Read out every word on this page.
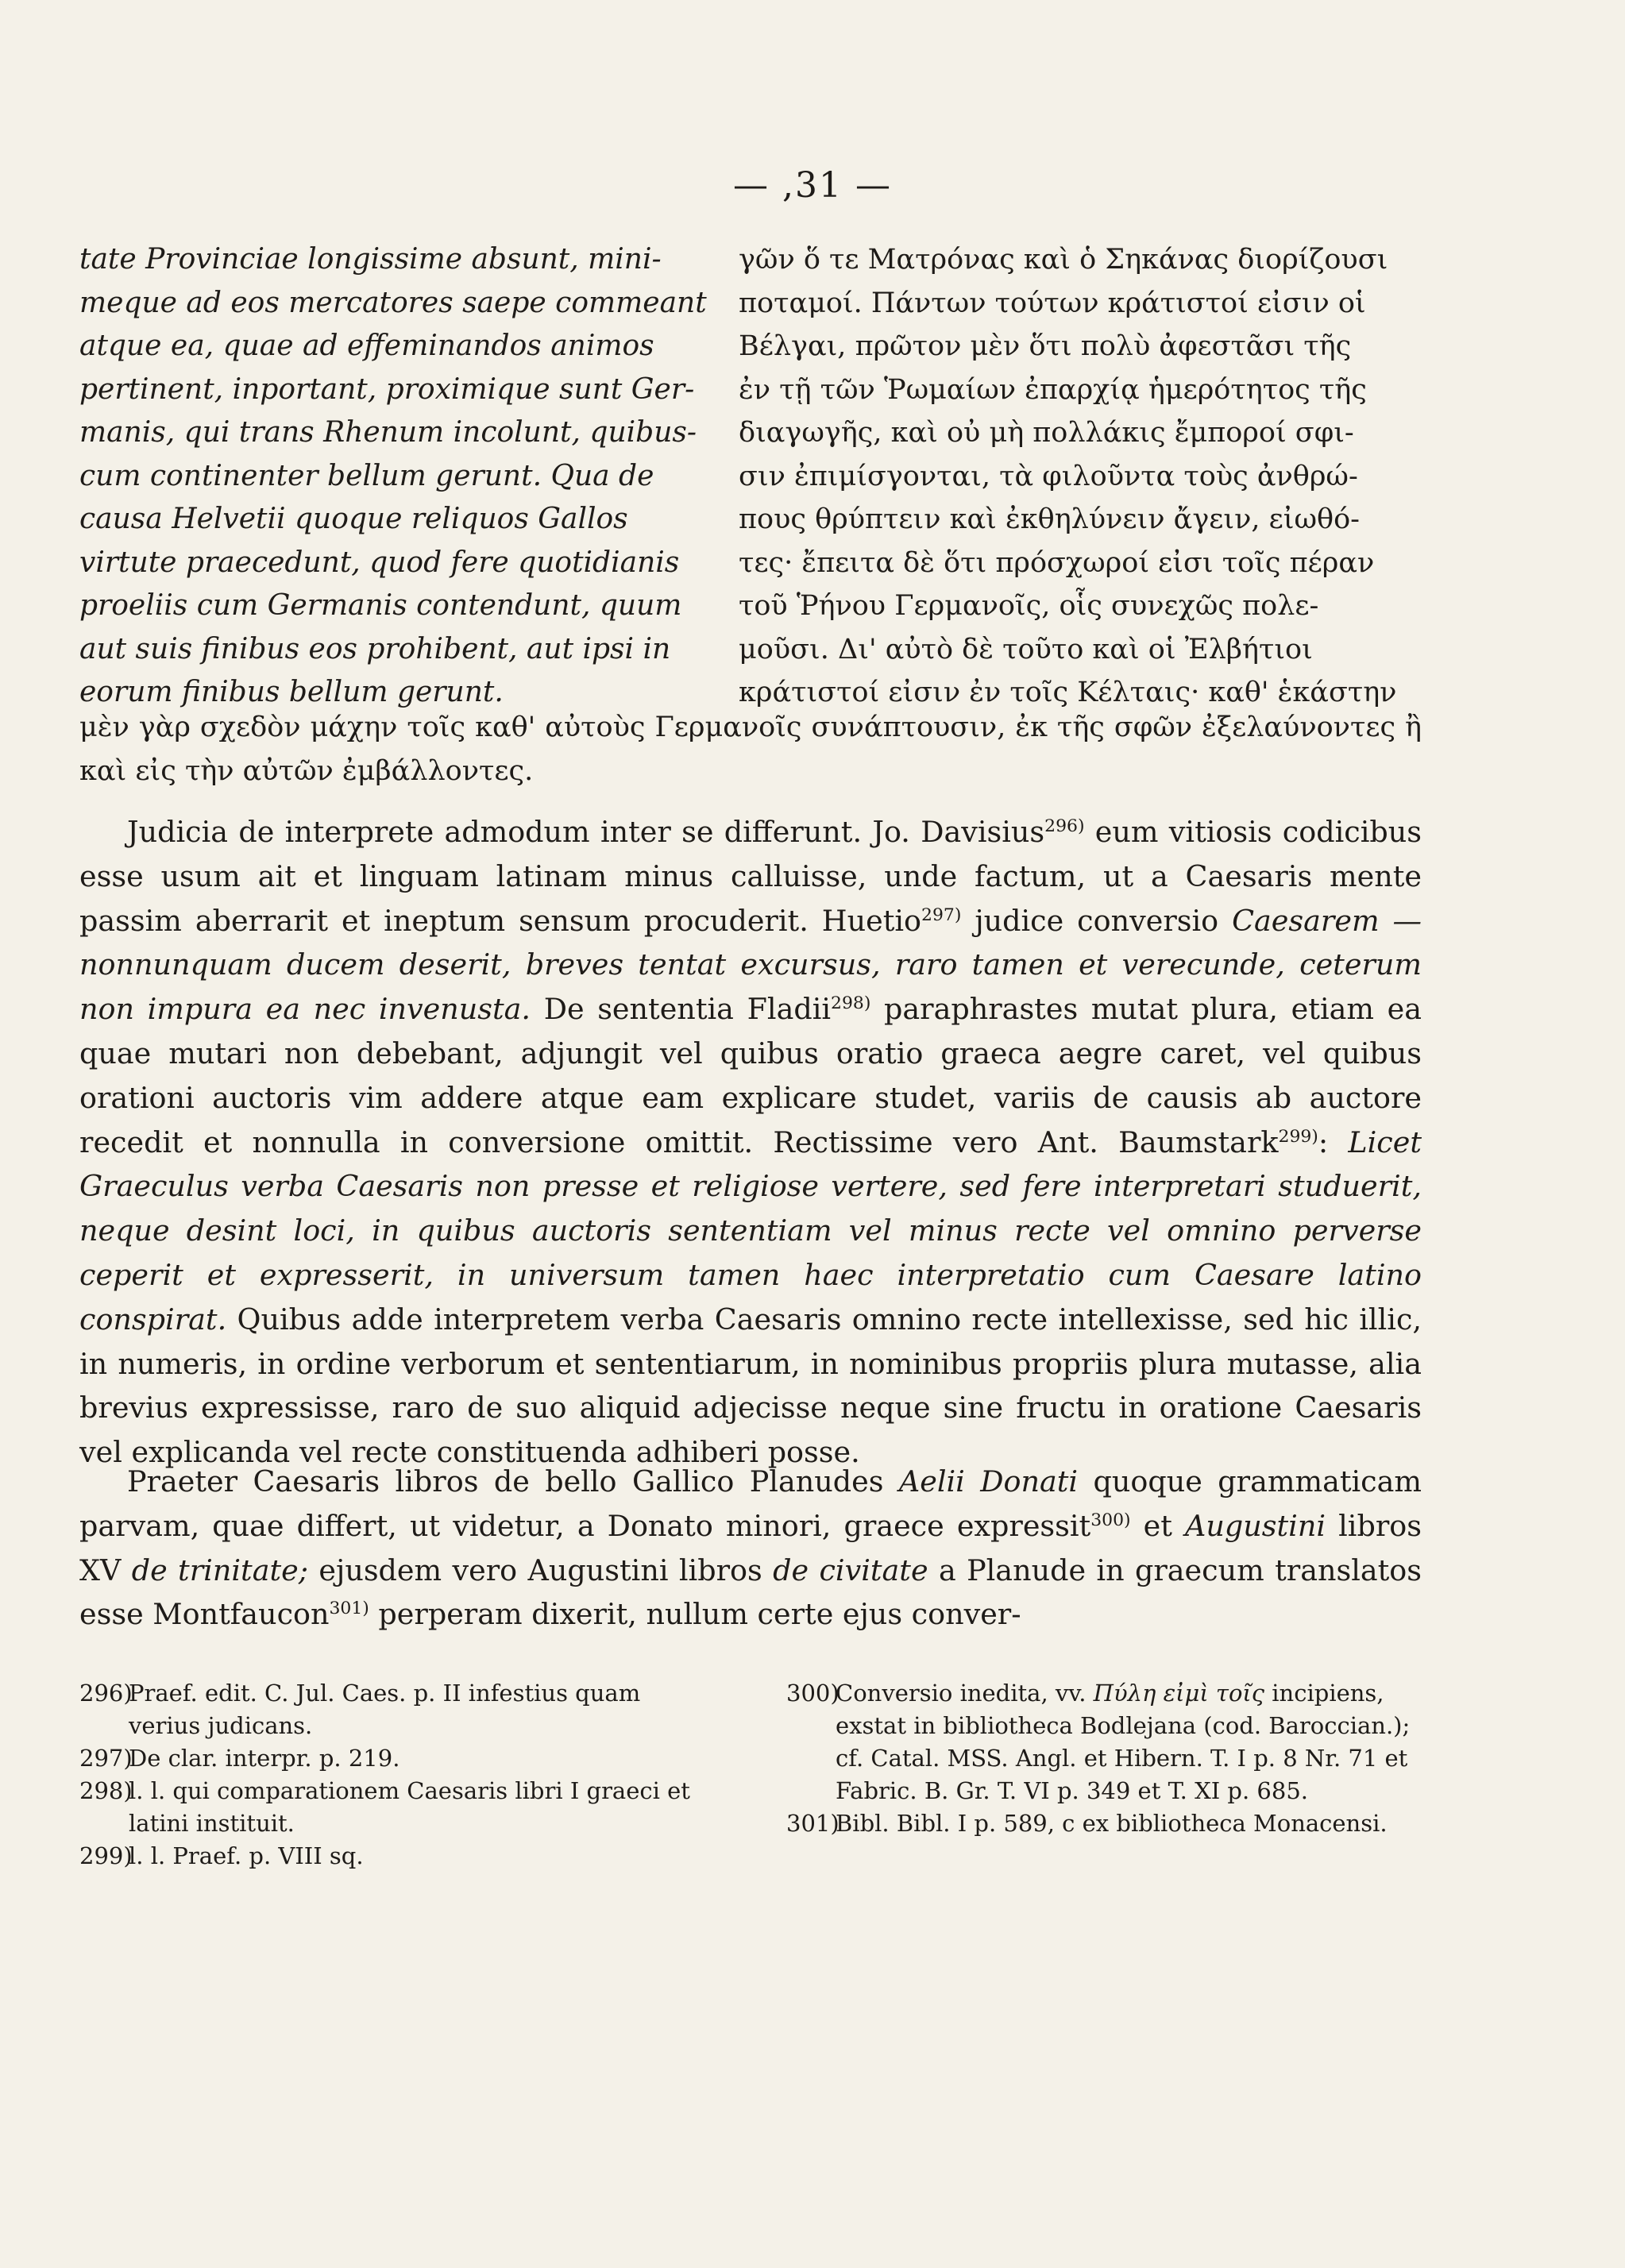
— ,31 —
tate Provinciae longissime absunt, mini-
meque ad eos mercatores saepe commeant
atque ea, quae ad effeminandos animos
pertinent, inportant, proximique sunt Ger-
manis, qui trans Rhenum incolunt, quibus-
cum continenter bellum gerunt. Qua de
causa Helvetii quoque reliquos Gallos
virtute praecedunt, quod fere quotidianis
proeliis cum Germanis contendunt, quum
aut suis finibus eos prohibent, aut ipsi in
eorum finibus bellum gerunt.
γῶν ὅ τε Ματρόνας καὶ ὁ Σηκάνας διορίζουσι
ποταμοί. Πάντων τούτων κράτιστοί εἰσιν οἱ
Βέλγαι, πρῶτον μὲν ὅτι πολὺ ἀφεστᾶσι τῆς
ἐν τῇ τῶν Ῥωμαίων ἐπαρχίᾳ ἡμερότητος τῆς
διαγωγῆς, καὶ οὐ μὴ πολλάκις ἔμποροί σφι-
σιν ἐπιμίσγονται, τὰ φιλοῦντα τοὺς ἀνθρώ-
πους θρύπτειν καὶ ἐκθηλύνειν ἄγειν, εἰωθό-
τες· ἔπειτα δὲ ὅτι πρόσχωροί εἰσι τοῖς πέραν
τοῦ Ῥήνου Γερμανοῖς, οἷς συνεχῶς πολε-
μοῦσι. Δι' αὐτὸ δὲ τοῦτο καὶ οἱ Ἐλβήτιοι
κράτιστοί εἰσιν ἐν τοῖς Κέλταις· καθ' ἑκάστην
μὲν γὰρ σχεδὸν μάχην τοῖς καθ' αὐτοὺς Γερμανοῖς συνάπτουσιν, ἐκ τῆς σφῶν ἐξελαύνοντες ἢ καὶ εἰς τὴν αὐτῶν ἐμβάλλοντες.

Judicia de interprete admodum inter se differunt. Jo. Davisius$^{296)}$ eum vitiosis codicibus esse usum ait et linguam latinam minus calluisse, unde factum, ut a Caesaris mente passim aberrarit et ineptum sensum procuderit. Huetio$^{297)}$ judice conversio Caesarem — nonnunquam ducem deserit, breves tentat excursus, raro tamen et verecunde, ceterum non impura ea nec invenusta. De sententia Fladii$^{298)}$ paraphrastes mutat plura, etiam ea quae mutari non debebant, adjungit vel quibus oratio graeca aegre caret, vel quibus orationi auctoris vim addere atque eam explicare studet, variis de causis ab auctore recedit et nonnulla in conversione omittit. Rectissime vero Ant. Baumstark$^{299)}$: Licet Graeculus verba Caesaris non presse et religiose vertere, sed fere interpretari studuerit, neque desint loci, in quibus auctoris sententiam vel minus recte vel omnino perverse ceperit et expresserit, in universum tamen haec interpretatio cum Caesare latino conspirat. Quibus adde interpretem verba Caesaris omnino recte intellexisse, sed hic illic, in numeris, in ordine verborum et sententiarum, in nominibus propriis plura mutasse, alia brevius expressisse, raro de suo aliquid adjecisse neque sine fructu in oratione Caesaris vel explicanda vel recte constituenda adhiberi posse.

Praeter Caesaris libros de bello Gallico Planudes Aelii Donati quoque grammaticam parvam, quae differt, ut videtur, a Donato minori, graece expressit$^{300)}$ et Augustini libros XV de trinitate; ejusdem vero Augustini libros de civitate a Planude in graecum translatos esse Montfaucon$^{301)}$ perperam dixerit, nullum certe ejus conver-

296)Praef. edit. C. Jul. Caes. p. II infestius quam verius judicans.
297)De clar. interpr. p. 219.
298)l. l. qui comparationem Caesaris libri I graeci et latini instituit.
299)l. l. Praef. p. VIII sq.
300)Conversio inedita, vv. Πύλη εἰμὶ τοῖς incipiens, exstat in bibliotheca Bodlejana (cod. Baroccian.); cf. Catal. MSS. Angl. et Hibern. T. I p. 8 Nr. 71 et Fabric. B. Gr. T. VI p. 349 et T. XI p. 685.
301)Bibl. Bibl. I p. 589, c ex bibliotheca Monacensi.
